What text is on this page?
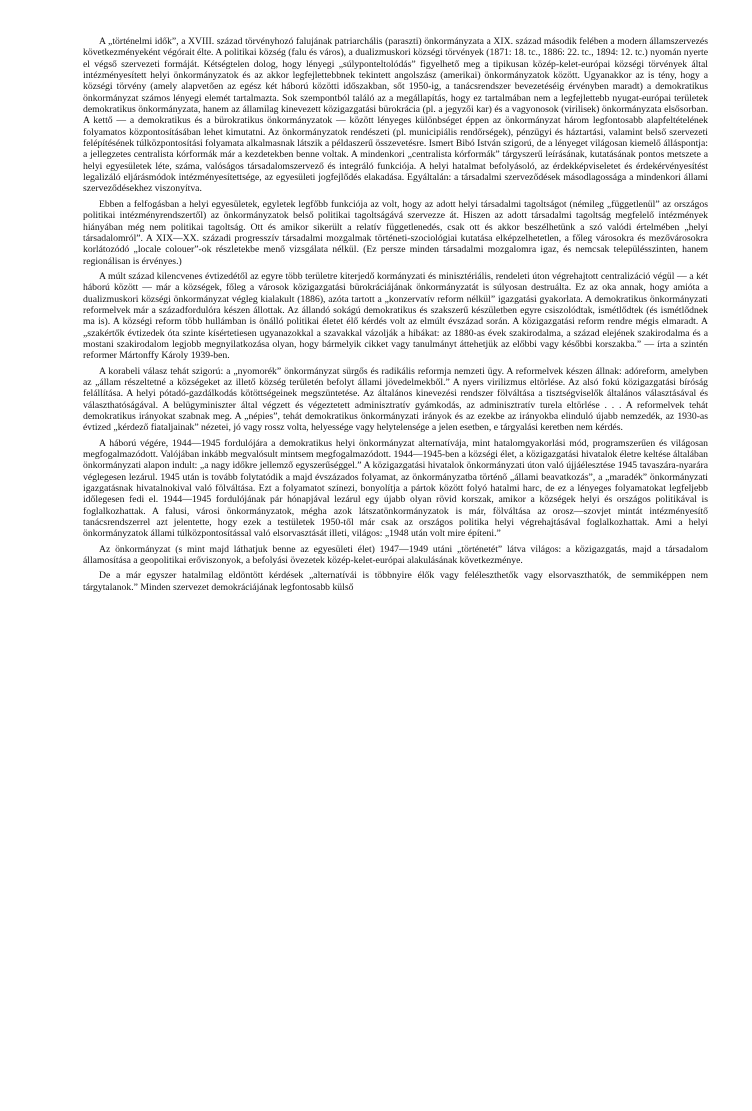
A „történelmi idők”, a XVIII. század törvényhozó falujának patriarchális (paraszti) önkormányzata a XIX. század második felében a modern államszervezés következményeként végórait élte. A politikai község (falu és város), a dualizmuskori községi törvények (1871: 18. tc., 1886: 22. tc., 1894: 12. tc.) nyomán nyerte el végső szervezeti formáját. Kétségtelen dolog, hogy lényegi „súlyponteltolódás” figyelhető meg a tipikusan közép-kelet-európai községi törvények által intézményesített helyi önkormányzatok és az akkor legfejlettebbnek tekintett angolszász (amerikai) önkormányzatok között. Ugyanakkor az is tény, hogy a községi törvény (amely alapvetően az egész két háború közötti időszakban, sőt 1950-ig, a tanácsrendszer bevezetéséig érvényben maradt) a demokratikus önkormányzat számos lényegi elemét tartalmazta. Sok szempontból találó az a megállapítás, hogy ez tartalmában nem a legfejlettebb nyugat-európai területek demokratikus önkormányzata, hanem az államilag kinevezett közigazgatási bürokrácia (pl. a jegyzői kar) és a vagyonosok (virilisek) önkormányzata elsősorban. A kettő — a demokratikus és a bürokratikus önkormányzatok — között lényeges különbséget éppen az önkormányzat három legfontosabb alapfeltételének folyamatos központosításában lehet kimutatni. Az önkormányzatok rendészeti (pl. municipiális rendőrségek), pénzügyi és háztartási, valamint belső szervezeti felépítésének túlközpontosítási folyamata alkalmasnak látszik a példaszerű összevetésre. Ismert Bibó István szigorú, de a lényeget világosan kiemelő álláspontja: a jellegzetes centralista kórformák már a kezdetekben benne voltak. A mindenkori „centralista kórformák” tárgyszerű leírásának, kutatásának pontos metszete a helyi egyesületek léte, száma, valóságos társadalomszervező és integráló funkciója. A helyi hatalmat befolyásoló, az érdekképviseletet és érdekérvényesítést legalizáló eljárásmódok intézményesítettsége, az egyesületi jogfejlődés elakadása. Egyáltalán: a társadalmi szerveződések másodlagossága a mindenkori állami szerveződésekhez viszonyítva.

Ebben a felfogásban a helyi egyesületek, egyletek legfőbb funkciója az volt, hogy az adott helyi társadalmi tagoltságot (némileg „függetlenül” az országos politikai intézményrendszertől) az önkormányzatok belső politikai tagoltságává szervezze át. Hiszen az adott társadalmi tagoltság megfelelő intézmények hiányában még nem politikai tagoltság. Ott és amikor sikerült a relatív függetlenedés, csak ott és akkor beszélhetünk a szó valódi értelmében „helyi társadalomról”. A XIX—XX. századi progresszív társadalmi mozgalmak történeti-szociológiai kutatása elképzelhetetlen, a főleg városokra és mezővárosokra korlátozódó „locale colouer”-ok részletekbe menő vizsgálata nélkül. (Ez persze minden társadalmi mozgalomra igaz, és nemcsak településszinten, hanem regionálisan is érvényes.)

A múlt század kilencvenes évtizedétől az egyre több területre kiterjedő kormányzati és minisztériális, rendeleti úton végrehajtott centralizáció végül — a két háború között — már a községek, főleg a városok közigazgatási bürokráciájának önkormányzatát is súlyosan destruálta. Ez az oka annak, hogy amióta a dualizmuskori községi önkormányzat végleg kialakult (1886), azóta tartott a „konzervatív reform nélkül” igazgatási gyakorlata. A demokratikus önkormányzati reformelvek már a századfordulóra készen állottak. Az állandó sokágú demokratikus és szakszerű készületben egyre csiszolódtak, ismétlődtek (és ismétlődnek ma is). A községi reform több hullámban is önálló politikai életet élő kérdés volt az elmúlt évszázad során. A közigazgatási reform rendre mégis elmaradt. A „szakértők évtizedek óta szinte kísértetiesen ugyanazokkal a szavakkal vázolják a hibákat: az 1880-as évek szakirodalma, a század elejének szakirodalma és a mostani szakirodalom legjobb megnyilatkozása olyan, hogy bármelyik cikket vagy tanulmányt áttehetjük az előbbi vagy későbbi korszakba.” — írta a szintén reformer Mártonffy Károly 1939-ben.

A korabeli válasz tehát szigorú: a „nyomorék” önkormányzat sürgős és radikális reformja nemzeti ügy. A reformelvek készen állnak: adóreform, amelyben az „állam részeltetné a községeket az illető község területén befolyt állami jövedelmekből.” A nyers virilizmus eltörlése. Az alsó fokú közigazgatási bíróság felállítása. A helyi pótadó-gazdálkodás kötöttségeinek megszüntetése. Az általános kinevezési rendszer fölváltása a tisztségviselők általános választásával és választhatóságával. A belügyminiszter által végzett és végeztetett adminisztratív gyámkodás, az adminisztratív turela eltörlése . . . A reformelvek tehát demokratikus irányokat szabnak meg. A „népies”, tehát demokratikus önkormányzati irányok és az ezekbe az irányokba elinduló újabb nemzedék, az 1930-as évtized „kérdező fiataljainak” nézetei, jó vagy rossz volta, helyessége vagy helytelensége a jelen esetben, e tárgyalási keretben nem kérdés.

A háború végére, 1944—1945 fordulójára a demokratikus helyi önkormányzat alternatívája, mint hatalomgyakorlási mód, programszerűen és világosan megfogalmazódott. Valójában inkább megvalósult mintsem megfogalmazódott. 1944—1945-ben a községi élet, a közigazgatási hivatalok életre keltése általában önkormányzati alapon indult: „a nagy időkre jellemző egyszerűséggel.” A közigazgatási hivatalok önkormányzati úton való újjáélesztése 1945 tavaszára-nyarára véglegesen lezárul. 1945 után is tovább folytatódik a majd évszázados folyamat, az önkormányzatba történő „állami beavatkozás”, a „maradék” önkormányzati igazgatásnak hivatalnokival való fölváltása. Ezt a folyamatot színezi, bonyolítja a pártok között folyó hatalmi harc, de ez a lényeges folyamatokat legfeljebb időlegesen fedi el. 1944—1945 fordulójának pár hónapjával lezárul egy újabb olyan rövid korszak, amikor a községek helyi és országos politikával is foglalkozhattak. A falusi, városi önkormányzatok, mégha azok látszatönkormányzatok is már, fölváltása az orosz—szovjet mintát intézményesítő tanácsrendszerrel azt jelentette, hogy ezek a testületek 1950-től már csak az országos politika helyi végrehajtásával foglalkozhattak. Ami a helyi önkormányzatok állami túlközpontosítással való elsorvasztását illeti, világos: „1948 után volt mire építeni.”

Az önkormányzat (s mint majd láthatjuk benne az egyesületi élet) 1947—1949 utáni „történetét” látva világos: a közigazgatás, majd a társadalom államosítása a geopolitikai erőviszonyok, a befolyási övezetek közép-kelet-európai alakulásának következménye.

De a már egyszer hatalmilag eldöntött kérdések „alternatívái is többnyire élők vagy feléleszthetők vagy elsorvaszthatók, de semmiképpen nem tárgytalanok.” Minden szervezet demokráciájának legfontosabb külső
